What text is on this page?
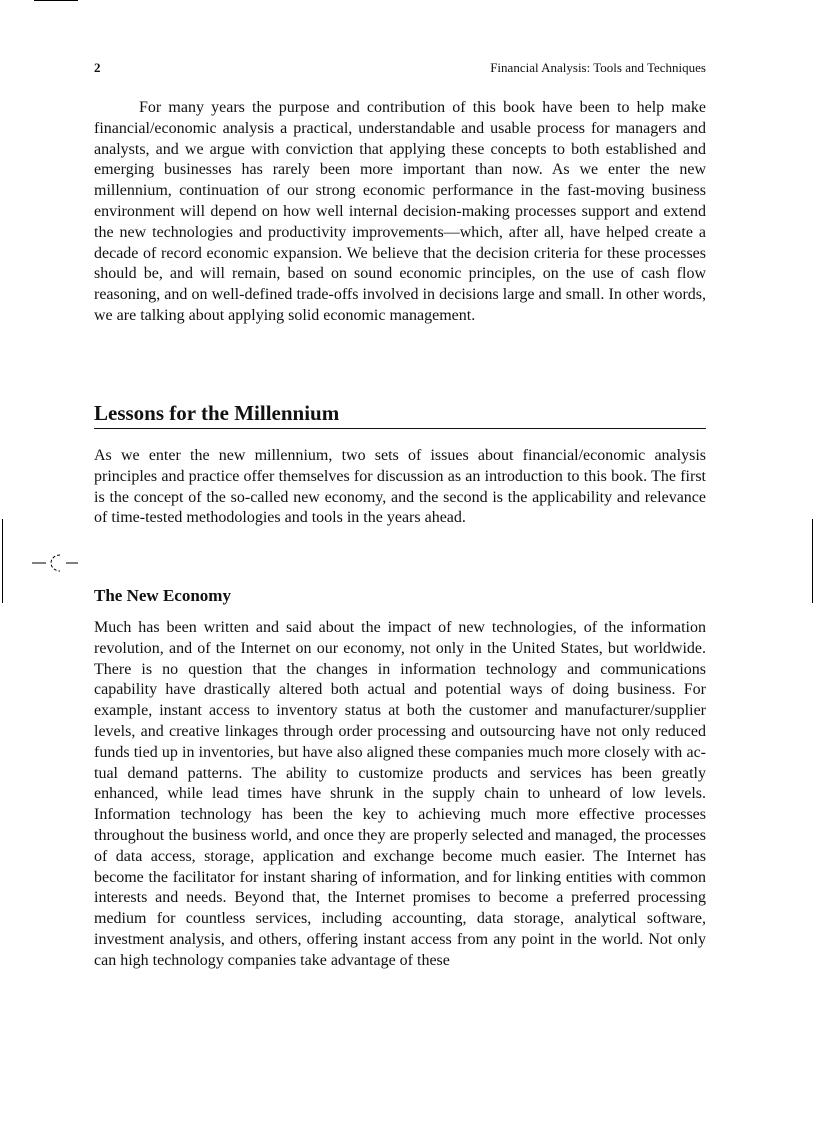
2	Financial Analysis: Tools and Techniques

For many years the purpose and contribution of this book have been to help make financial/economic analysis a practical, understandable and usable process for managers and analysts, and we argue with conviction that applying these concepts to both established and emerging businesses has rarely been more important than now. As we enter the new millennium, continuation of our strong economic performance in the fast-moving business environment will depend on how well internal decision-making processes support and extend the new technologies and productivity improvements—which, after all, have helped create a decade of record economic expansion. We believe that the decision criteria for these processes should be, and will remain, based on sound economic principles, on the use of cash flow reasoning, and on well-defined trade-offs involved in decisions large and small. In other words, we are talking about applying solid economic management.

Lessons for the Millennium

As we enter the new millennium, two sets of issues about financial/economic analysis principles and practice offer themselves for discussion as an introduction to this book. The first is the concept of the so-called new economy, and the second is the applicability and relevance of time-tested methodologies and tools in the years ahead.

The New Economy

Much has been written and said about the impact of new technologies, of the information revolution, and of the Internet on our economy, not only in the United States, but worldwide. There is no question that the changes in information technology and communications capability have drastically altered both actual and potential ways of doing business. For example, instant access to inventory status at both the customer and manufacturer/supplier levels, and creative linkages through order processing and outsourcing have not only reduced funds tied up in inventories, but have also aligned these companies much more closely with actual demand patterns. The ability to customize products and services has been greatly enhanced, while lead times have shrunk in the supply chain to unheard of low levels. Information technology has been the key to achieving much more effective processes throughout the business world, and once they are properly selected and managed, the processes of data access, storage, application and exchange become much easier. The Internet has become the facilitator for instant sharing of information, and for linking entities with common interests and needs. Beyond that, the Internet promises to become a preferred processing medium for countless services, including accounting, data storage, analytical software, investment analysis, and others, offering instant access from any point in the world. Not only can high technology companies take advantage of these
